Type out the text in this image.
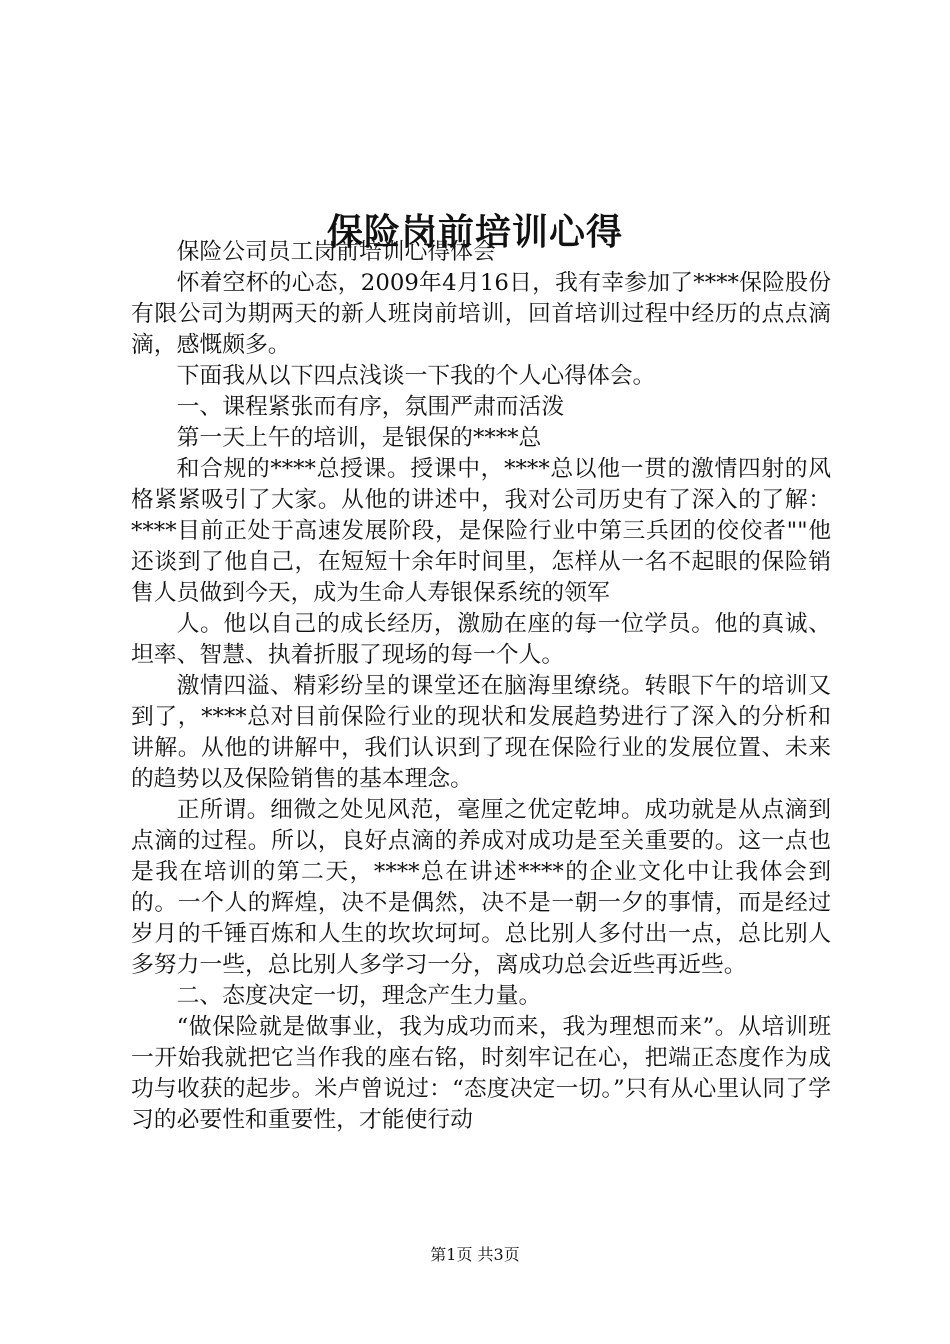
保险岗前培训心得

保险公司员工岗前培训心得体会

怀着空杯的心态，2009年4月16日，我有幸参加了****保险股份有限公司为期两天的新人班岗前培训，回首培训过程中经历的点点滴滴，感慨颇多。

下面我从以下四点浅谈一下我的个人心得体会。

一、课程紧张而有序，氛围严肃而活泼

第一天上午的培训，是银保的****总

和合规的****总授课。授课中，****总以他一贯的激情四射的风格紧紧吸引了大家。从他的讲述中，我对公司历史有了深入的了解：****目前正处于高速发展阶段，是保险行业中第三兵团的佼佼者""他还谈到了他自己，在短短十余年时间里，怎样从一名不起眼的保险销售人员做到今天，成为生命人寿银保系统的领军

人。他以自己的成长经历，激励在座的每一位学员。他的真诚、坦率、智慧、执着折服了现场的每一个人。

激情四溢、精彩纷呈的课堂还在脑海里缭绕。转眼下午的培训又到了，****总对目前保险行业的现状和发展趋势进行了深入的分析和讲解。从他的讲解中，我们认识到了现在保险行业的发展位置、未来的趋势以及保险销售的基本理念。

正所谓。细微之处见风范，毫厘之优定乾坤。成功就是从点滴到点滴的过程。所以，良好点滴的养成对成功是至关重要的。这一点也是我在培训的第二天，****总在讲述****的企业文化中让我体会到的。一个人的辉煌，决不是偶然，决不是一朝一夕的事情，而是经过岁月的千锤百炼和人生的坎坎坷坷。总比别人多付出一点，总比别人多努力一些，总比别人多学习一分，离成功总会近些再近些。

二、态度决定一切，理念产生力量。

“做保险就是做事业，我为成功而来，我为理想而来”。从培训班一开始我就把它当作我的座右铭，时刻牢记在心，把端正态度作为成功与收获的起步。米卢曾说过：“态度决定一切。”只有从心里认同了学习的必要性和重要性，才能使行动

第1页 共3页
